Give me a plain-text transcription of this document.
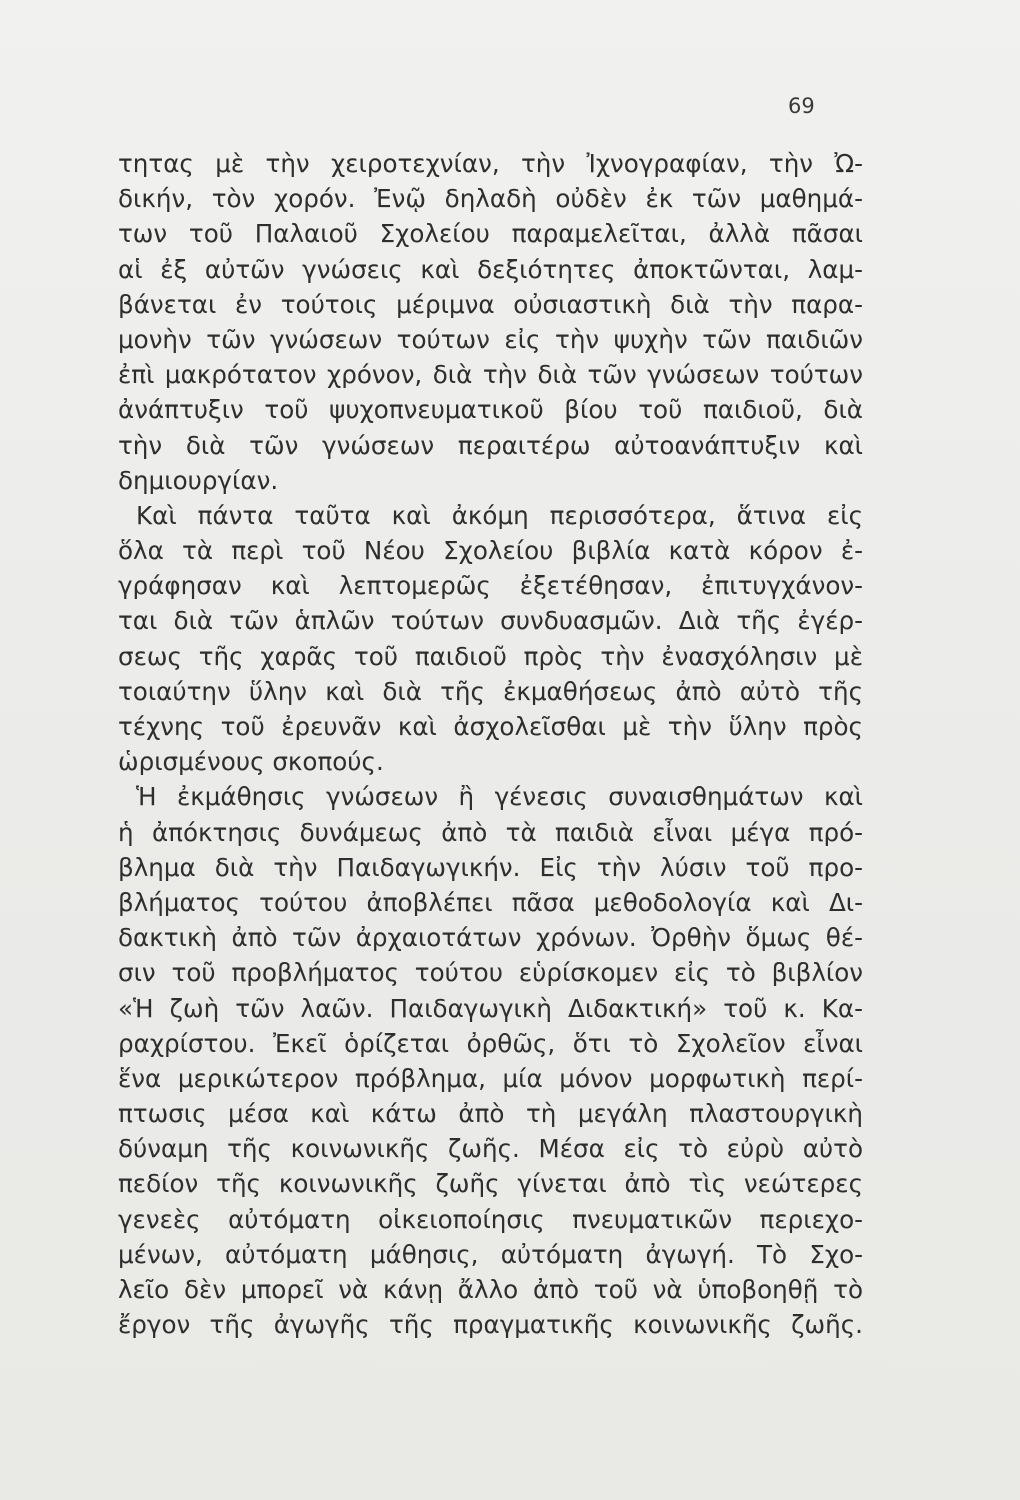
69
τητας μὲ τὴν χειροτεχνίαν, τὴν Ἰχνογραφίαν, τὴν Ὠ-
δικήν, τὸν χορόν. Ἐνῷ δηλαδὴ οὐδὲν ἐκ τῶν μαθημά-
των τοῦ Παλαιοῦ Σχολείου παραμελεῖται, ἀλλὰ πᾶσαι
αἱ ἐξ αὐτῶν γνώσεις καὶ δεξιότητες ἀποκτῶνται, λαμ-
βάνεται ἐν τούτοις μέριμνα οὐσιαστικὴ διὰ τὴν παρα-
μονὴν τῶν γνώσεων τούτων εἰς τὴν ψυχὴν τῶν παιδιῶν
ἐπὶ μακρότατον χρόνον, διὰ τὴν διὰ τῶν γνώσεων τούτων
ἀνάπτυξιν τοῦ ψυχοπνευματικοῦ βίου τοῦ παιδιοῦ, διὰ
τὴν διὰ τῶν γνώσεων περαιτέρω αὐτοανάπτυξιν καὶ
δημιουργίαν.
Καὶ πάντα ταῦτα καὶ ἀκόμη περισσότερα, ἅτινα εἰς
ὅλα τὰ περὶ τοῦ Νέου Σχολείου βιβλία κατὰ κόρον ἐ-
γράφησαν καὶ λεπτομερῶς ἐξετέθησαν, ἐπιτυγχάνον-
ται διὰ τῶν ἁπλῶν τούτων συνδυασμῶν. Διὰ τῆς ἐγέρ-
σεως τῆς χαρᾶς τοῦ παιδιοῦ πρὸς τὴν ἐνασχόλησιν μὲ
τοιαύτην ὕλην καὶ διὰ τῆς ἐκμαθήσεως ἀπὸ αὐτὸ τῆς
τέχνης τοῦ ἐρευνᾶν καὶ ἀσχολεῖσθαι μὲ τὴν ὕλην πρὸς
ὡρισμένους σκοπούς.
Ἡ ἐκμάθησις γνώσεων ἢ γένεσις συναισθημάτων καὶ
ἡ ἀπόκτησις δυνάμεως ἀπὸ τὰ παιδιὰ εἶναι μέγα πρό-
βλημα διὰ τὴν Παιδαγωγικήν. Εἰς τὴν λύσιν τοῦ προ-
βλήματος τούτου ἀποβλέπει πᾶσα μεθοδολογία καὶ Δι-
δακτικὴ ἀπὸ τῶν ἀρχαιοτάτων χρόνων. Ὀρθὴν ὅμως θέ-
σιν τοῦ προβλήματος τούτου εὑρίσκομεν εἰς τὸ βιβλίον
«Ἡ ζωὴ τῶν λαῶν. Παιδαγωγικὴ Διδακτική» τοῦ κ. Κα-
ραχρίστου. Ἐκεῖ ὁρίζεται ὀρθῶς, ὅτι τὸ Σχολεῖον εἶναι
ἕνα μερικώτερον πρόβλημα, μία μόνον μορφωτικὴ περί-
πτωσις μέσα καὶ κάτω ἀπὸ τὴ μεγάλη πλαστουργικὴ
δύναμη τῆς κοινωνικῆς ζωῆς. Μέσα εἰς τὸ εὐρὺ αὐτὸ
πεδίον τῆς κοινωνικῆς ζωῆς γίνεται ἀπὸ τὶς νεώτερες
γενεὲς αὐτόματη οἰκειοποίησις πνευματικῶν περιεχο-
μένων, αὐτόματη μάθησις, αὐτόματη ἀγωγή. Τὸ Σχο-
λεῖο δὲν μπορεῖ νὰ κάνῃ ἄλλο ἀπὸ τοῦ νὰ ὑποβοηθῇ τὸ
ἔργον τῆς ἀγωγῆς τῆς πραγματικῆς κοινωνικῆς ζωῆς.
